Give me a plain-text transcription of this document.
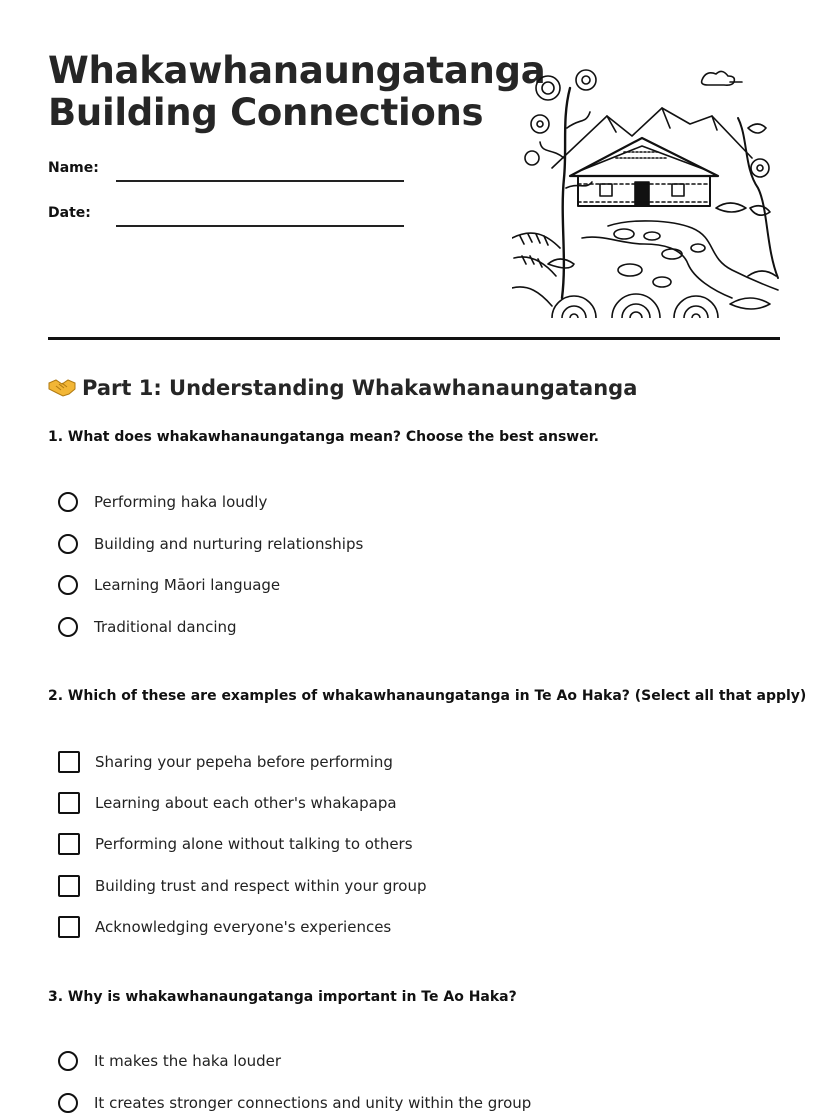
Whakawhanaungatanga
Building Connections
Name:
Date:
Part 1: Understanding Whakawhanaungatanga
1. What does whakawhanaungatanga mean? Choose the best answer.
Performing haka loudly
Building and nurturing relationships
Learning Māori language
Traditional dancing
2. Which of these are examples of whakawhanaungatanga in Te Ao Haka? (Select all that apply)
Sharing your pepeha before performing
Learning about each other's whakapapa
Performing alone without talking to others
Building trust and respect within your group
Acknowledging everyone's experiences
3. Why is whakawhanaungatanga important in Te Ao Haka?
It makes the haka louder
It creates stronger connections and unity within the group
